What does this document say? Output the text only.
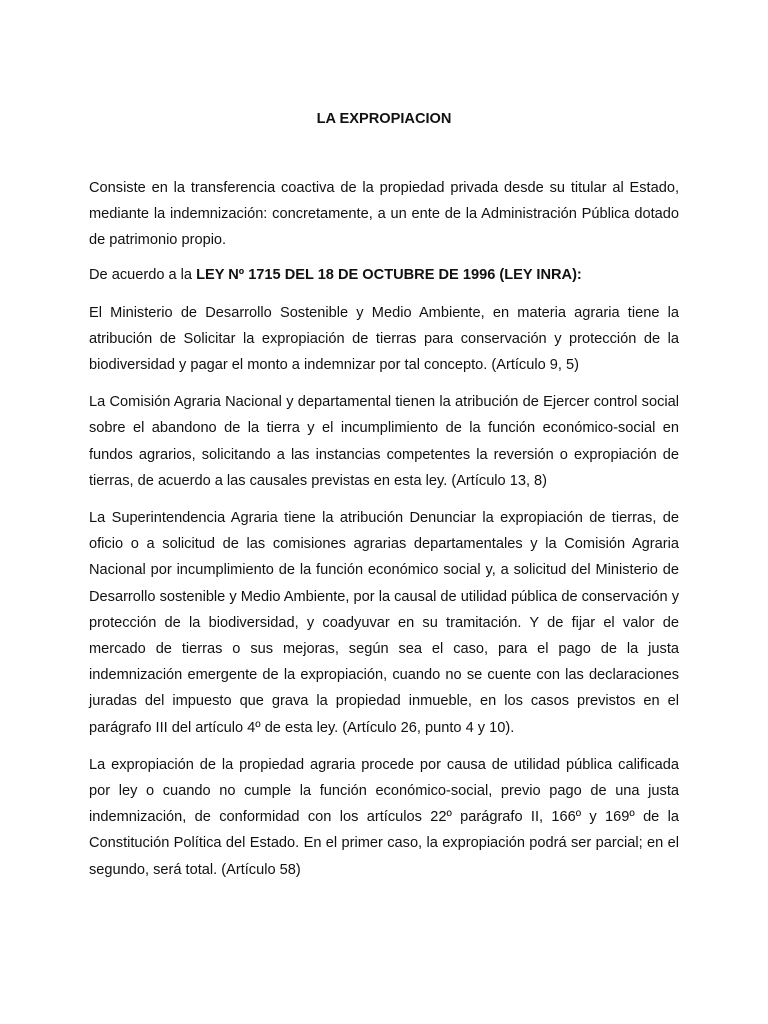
LA EXPROPIACION

Consiste en la transferencia coactiva de la propiedad privada desde su titular al Estado, mediante la indemnización: concretamente, a un ente de la Administración Pública dotado de patrimonio propio.

De acuerdo a la LEY Nº 1715 DEL 18 DE OCTUBRE DE 1996 (LEY INRA):

El Ministerio de Desarrollo Sostenible y Medio Ambiente, en materia agraria tiene la atribución de Solicitar la expropiación de tierras para conservación y protección de la biodiversidad y pagar el monto a indemnizar por tal concepto. (Artículo 9, 5)

La Comisión Agraria Nacional y departamental tienen la atribución de Ejercer control social sobre el abandono de la tierra y el incumplimiento de la función económico-social en fundos agrarios, solicitando a las instancias competentes la reversión o expropiación de tierras, de acuerdo a las causales previstas en esta ley. (Artículo 13, 8)

La Superintendencia Agraria tiene la atribución Denunciar la expropiación de tierras, de oficio o a solicitud de las comisiones agrarias departamentales y la Comisión Agraria Nacional por incumplimiento de la función económico social y, a solicitud del Ministerio de Desarrollo sostenible y Medio Ambiente, por la causal de utilidad pública de conservación y protección de la biodiversidad, y coadyuvar en su tramitación. Y de fijar el valor de mercado de tierras o sus mejoras, según sea el caso, para el pago de la justa indemnización emergente de la expropiación, cuando no se cuente con las declaraciones juradas del impuesto que grava la propiedad inmueble, en los casos previstos en el parágrafo III del artículo 4º de esta ley. (Artículo 26, punto 4 y 10).

La expropiación de la propiedad agraria procede por causa de utilidad pública calificada por ley o cuando no cumple la función económico-social, previo pago de una justa indemnización, de conformidad con los artículos 22º parágrafo II, 166º y 169º de la Constitución Política del Estado. En el primer caso, la expropiación podrá ser parcial; en el segundo, será total. (Artículo 58)
